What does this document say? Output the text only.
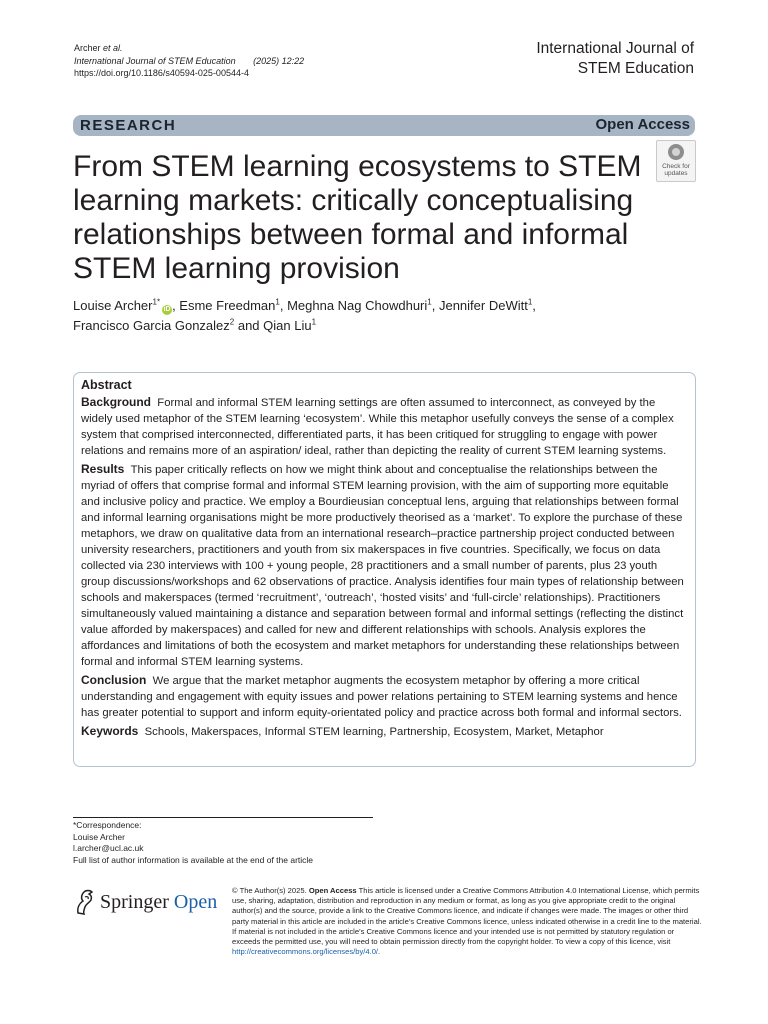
Archer et al.
International Journal of STEM Education (2025) 12:22
https://doi.org/10.1186/s40594-025-00544-4
International Journal of
STEM Education
RESEARCH	Open Access
Check for
updates
From STEM learning ecosystems to STEM learning markets: critically conceptualising relationships between formal and informal STEM learning provision
Louise Archer$^{1*}$iD , Esme Freedman$^1$, Meghna Nag Chowdhuri$^1$, Jennifer DeWitt$^1$,
Francisco Garcia Gonzalez$^2$ and Qian Liu$^1$
Abstract

Background Formal and informal STEM learning settings are often assumed to interconnect, as conveyed by the widely used metaphor of the STEM learning ‘ecosystem’. While this metaphor usefully conveys the sense of a complex system that comprised interconnected, differentiated parts, it has been critiqued for struggling to engage with power relations and remains more of an aspiration/ ideal, rather than depicting the reality of current STEM learning systems.

Results This paper critically reflects on how we might think about and conceptualise the relationships between the myriad of offers that comprise formal and informal STEM learning provision, with the aim of supporting more equitable and inclusive policy and practice. We employ a Bourdieusian conceptual lens, arguing that relationships between formal and informal learning organisations might be more productively theorised as a ‘market’. To explore the purchase of these metaphors, we draw on qualitative data from an international research–practice partnership project conducted between university researchers, practitioners and youth from six makerspaces in five countries. Specifically, we focus on data collected via 230 interviews with 100 + young people, 28 practitioners and a small number of parents, plus 23 youth group discussions/workshops and 62 observations of practice. Analysis identifies four main types of relationship between schools and makerspaces (termed ‘recruitment’, ‘outreach’, ‘hosted visits’ and ‘full-circle’ relationships). Practitioners simultaneously valued maintaining a distance and separation between formal and informal settings (reflecting the distinct value afforded by makerspaces) and called for new and different relationships with schools. Analysis explores the affordances and limitations of both the ecosystem and market metaphors for understanding these relationships between formal and informal STEM learning systems.

Conclusion We argue that the market metaphor augments the ecosystem metaphor by offering a more critical understanding and engagement with equity issues and power relations pertaining to STEM learning systems and hence has greater potential to support and inform equity-orientated policy and practice across both formal and informal sectors.

Keywords Schools, Makerspaces, Informal STEM learning, Partnership, Ecosystem, Market, Metaphor

*Correspondence:
Louise Archer
l.archer@ucl.ac.uk
Full list of author information is available at the end of the article
Springer Open
© The Author(s) 2025. Open Access This article is licensed under a Creative Commons Attribution 4.0 International License, which permits use, sharing, adaptation, distribution and reproduction in any medium or format, as long as you give appropriate credit to the original author(s) and the source, provide a link to the Creative Commons licence, and indicate if changes were made. The images or other third party material in this article are included in the article’s Creative Commons licence, unless indicated otherwise in a credit line to the material. If material is not included in the article’s Creative Commons licence and your intended use is not permitted by statutory regulation or exceeds the permitted use, you will need to obtain permission directly from the copyright holder. To view a copy of this licence, visit http://creativecommons.org/licenses/by/4.0/.
